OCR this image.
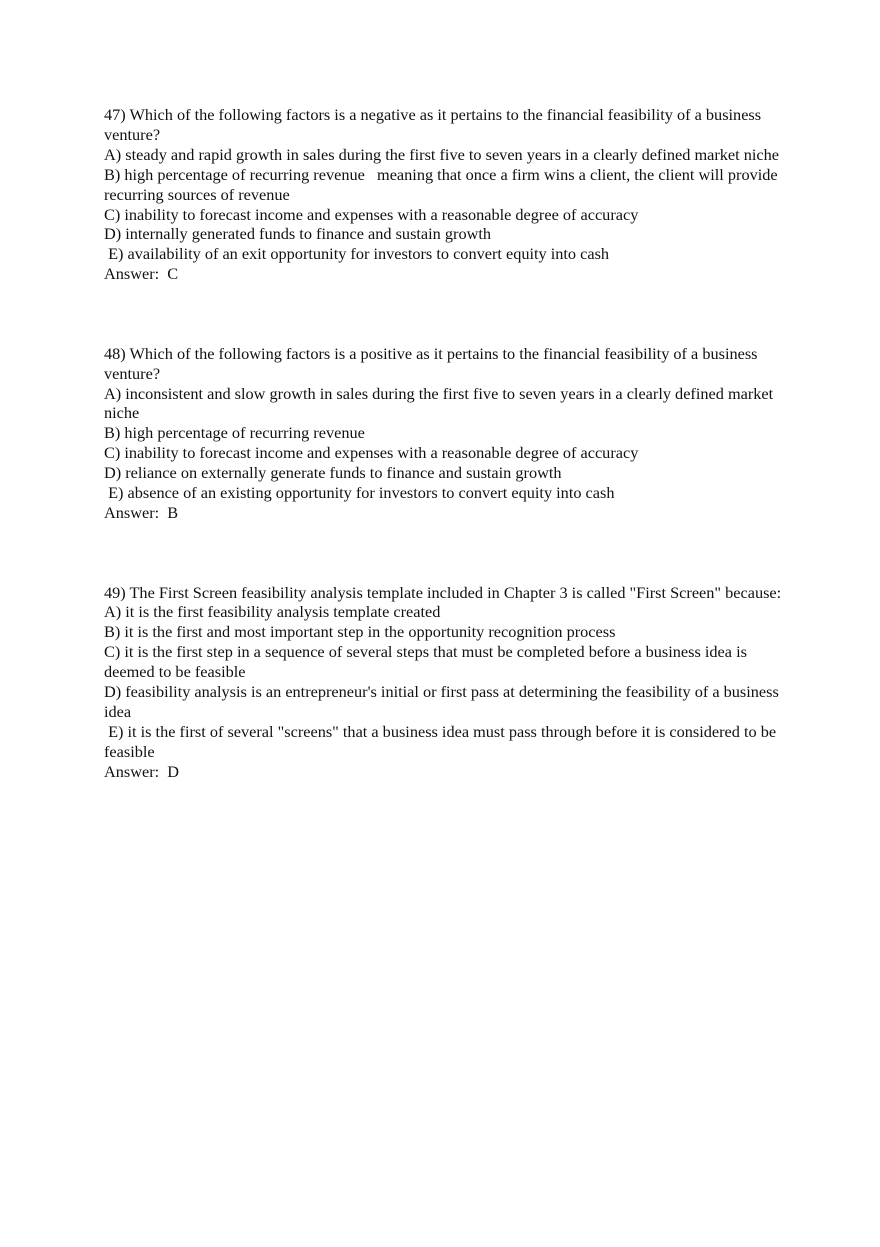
47) Which of the following factors is a negative as it pertains to the financial feasibility of a business venture?
A) steady and rapid growth in sales during the first five to seven years in a clearly defined market niche
B) high percentage of recurring revenue   meaning that once a firm wins a client, the client will provide recurring sources of revenue
C) inability to forecast income and expenses with a reasonable degree of accuracy
D) internally generated funds to finance and sustain growth
E) availability of an exit opportunity for investors to convert equity into cash
Answer:  C
48) Which of the following factors is a positive as it pertains to the financial feasibility of a business venture?
A) inconsistent and slow growth in sales during the first five to seven years in a clearly defined market niche
B) high percentage of recurring revenue
C) inability to forecast income and expenses with a reasonable degree of accuracy
D) reliance on externally generate funds to finance and sustain growth
E) absence of an existing opportunity for investors to convert equity into cash
Answer:  B
49) The First Screen feasibility analysis template included in Chapter 3 is called "First Screen" because:
A) it is the first feasibility analysis template created
B) it is the first and most important step in the opportunity recognition process
C) it is the first step in a sequence of several steps that must be completed before a business idea is deemed to be feasible
D) feasibility analysis is an entrepreneur's initial or first pass at determining the feasibility of a business idea
E) it is the first of several "screens" that a business idea must pass through before it is considered to be feasible
Answer:  D
